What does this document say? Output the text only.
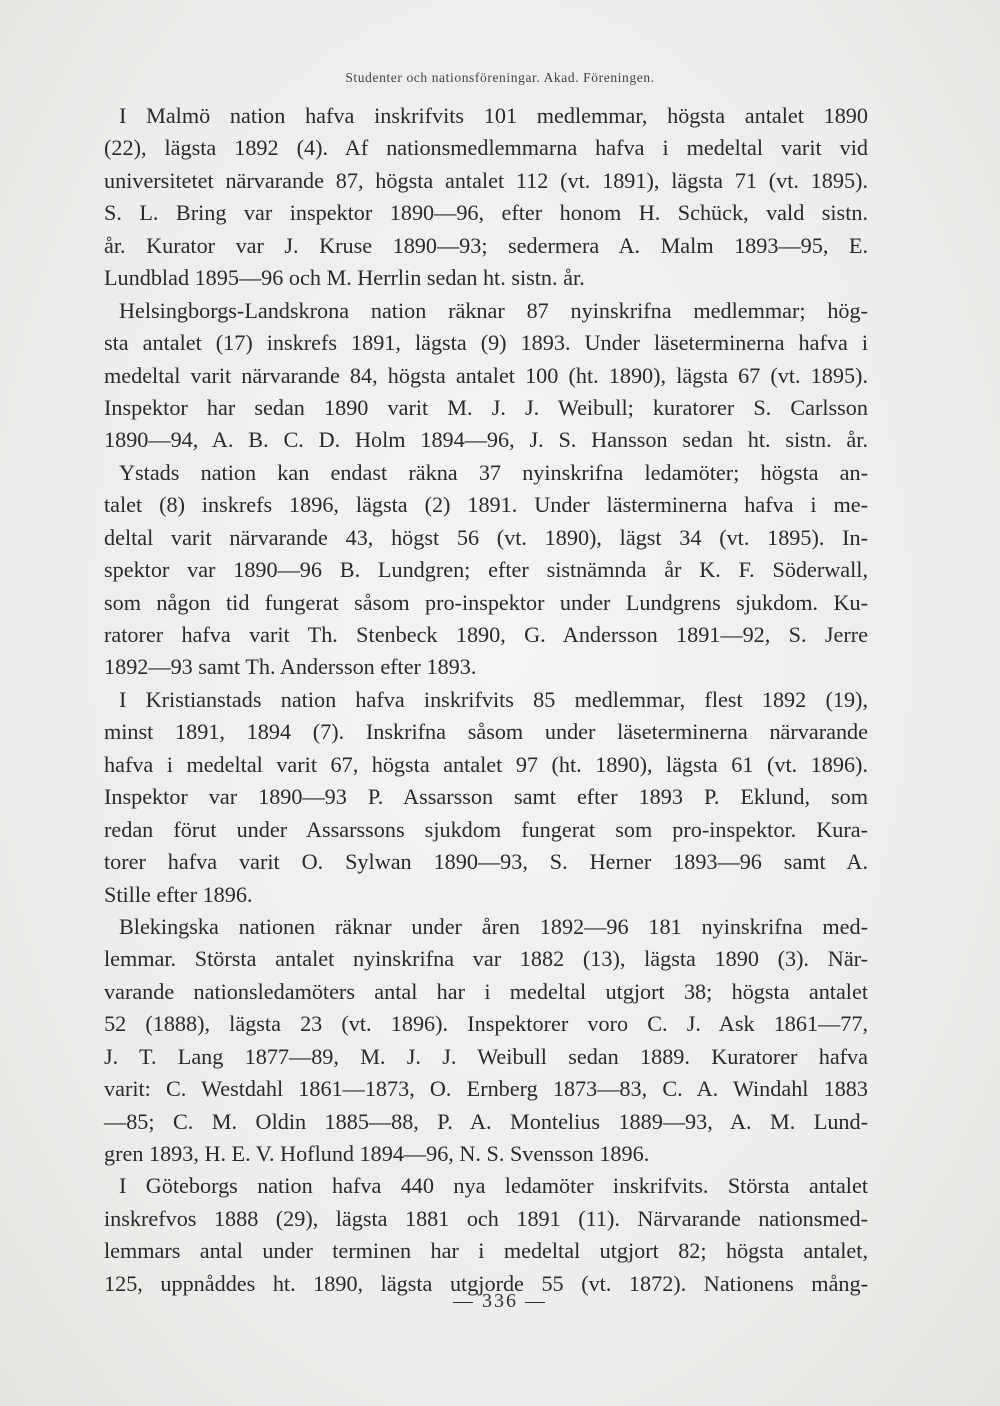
Studenter och nationsföreningar. Akad. Föreningen.
I Malmö nation hafva inskrifvits 101 medlemmar, högsta antalet 1890
(22), lägsta 1892 (4). Af nationsmedlemmarna hafva i medeltal varit vid
universitetet närvarande 87, högsta antalet 112 (vt. 1891), lägsta 71 (vt. 1895).
S. L. Bring var inspektor 1890—96, efter honom H. Schück, vald sistn.
år. Kurator var J. Kruse 1890—93; sedermera A. Malm 1893—95, E.
Lundblad 1895—96 och M. Herrlin sedan ht. sistn. år.
Helsingborgs-Landskrona nation räknar 87 nyinskrifna medlemmar; hög-
sta antalet (17) inskrefs 1891, lägsta (9) 1893. Under läseterminerna hafva i
medeltal varit närvarande 84, högsta antalet 100 (ht. 1890), lägsta 67 (vt. 1895).
Inspektor har sedan 1890 varit M. J. J. Weibull; kuratorer S. Carlsson
1890—94, A. B. C. D. Holm 1894—96, J. S. Hansson sedan ht. sistn. år.
Ystads nation kan endast räkna 37 nyinskrifna ledamöter; högsta an-
talet (8) inskrefs 1896, lägsta (2) 1891. Under lästerminerna hafva i me-
deltal varit närvarande 43, högst 56 (vt. 1890), lägst 34 (vt. 1895). In-
spektor var 1890—96 B. Lundgren; efter sistnämnda år K. F. Söderwall,
som någon tid fungerat såsom pro-inspektor under Lundgrens sjukdom. Ku-
ratorer hafva varit Th. Stenbeck 1890, G. Andersson 1891—92, S. Jerre
1892—93 samt Th. Andersson efter 1893.
I Kristianstads nation hafva inskrifvits 85 medlemmar, flest 1892 (19),
minst 1891, 1894 (7). Inskrifna såsom under läseterminerna närvarande
hafva i medeltal varit 67, högsta antalet 97 (ht. 1890), lägsta 61 (vt. 1896).
Inspektor var 1890—93 P. Assarsson samt efter 1893 P. Eklund, som
redan förut under Assarssons sjukdom fungerat som pro-inspektor. Kura-
torer hafva varit O. Sylwan 1890—93, S. Herner 1893—96 samt A.
Stille efter 1896.
Blekingska nationen räknar under åren 1892—96 181 nyinskrifna med-
lemmar. Största antalet nyinskrifna var 1882 (13), lägsta 1890 (3). När-
varande nationsledamöters antal har i medeltal utgjort 38; högsta antalet
52 (1888), lägsta 23 (vt. 1896). Inspektorer voro C. J. Ask 1861—77,
J. T. Lang 1877—89, M. J. J. Weibull sedan 1889. Kuratorer hafva
varit: C. Westdahl 1861—1873, O. Ernberg 1873—83, C. A. Windahl 1883
—85; C. M. Oldin 1885—88, P. A. Montelius 1889—93, A. M. Lund-
gren 1893, H. E. V. Hoflund 1894—96, N. S. Svensson 1896.
I Göteborgs nation hafva 440 nya ledamöter inskrifvits. Största antalet
inskrefvos 1888 (29), lägsta 1881 och 1891 (11). Närvarande nationsmed-
lemmars antal under terminen har i medeltal utgjort 82; högsta antalet,
125, uppnåddes ht. 1890, lägsta utgjorde 55 (vt. 1872). Nationens mång-
— 336 —
